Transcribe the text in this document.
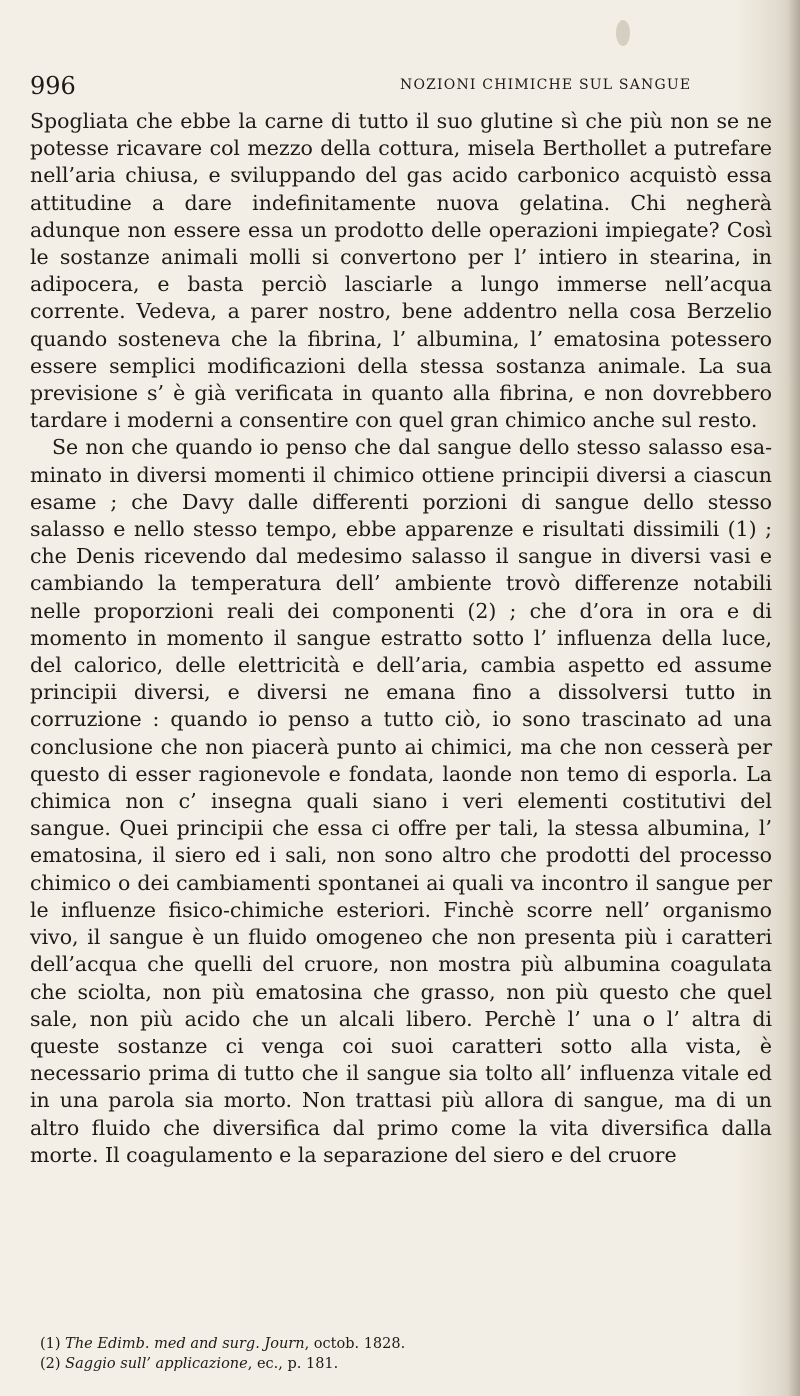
996	NOZIONI CHIMICHE SUL SANGUE

Spogliata che ebbe la carne di tutto il suo glutine sì che più non se ne potesse ricavare col mezzo della cottura, misela Berthollet a putrefare nell’aria chiusa, e sviluppando del gas acido carbonico acquistò essa attitudine a dare indefinitamente nuova gelatina. Chi negherà adunque non essere essa un prodotto delle operazioni impiegate? Così le sostanze animali molli si convertono per l’ intiero in stearina, in adipocera, e basta perciò lasciarle a lungo immerse nell’acqua corrente. Vedeva, a parer nostro, bene addentro nella cosa Berzelio quando sosteneva che la fibrina, l’ albumina, l’ ematosina potessero essere semplici modificazioni della stessa sostanza animale. La sua previsione s’ è già verificata in quanto alla fibrina, e non dovrebbero tardare i moderni a consentire con quel gran chimico anche sul resto.

Se non che quando io penso che dal sangue dello stesso salasso esaminato in diversi momenti il chimico ottiene principii diversi a ciascun esame ; che Davy dalle differenti porzioni di sangue dello stesso salasso e nello stesso tempo, ebbe apparenze e risultati dissimili (1) ; che Denis ricevendo dal medesimo salasso il sangue in diversi vasi e cambiando la temperatura dell’ ambiente trovò differenze notabili nelle proporzioni reali dei componenti (2) ; che d’ora in ora e di momento in momento il sangue estratto sotto l’ influenza della luce, del calorico, delle elettricità e dell’aria, cambia aspetto ed assume principii diversi, e diversi ne emana fino a dissolversi tutto in corruzione : quando io penso a tutto ciò, io sono trascinato ad una conclusione che non piacerà punto ai chimici, ma che non cesserà per questo di esser ragionevole e fondata, laonde non temo di esporla. La chimica non c’ insegna quali siano i veri elementi costitutivi del sangue. Quei principii che essa ci offre per tali, la stessa albumina, l’ ematosina, il siero ed i sali, non sono altro che prodotti del processo chimico o dei cambiamenti spontanei ai quali va incontro il sangue per le influenze fisico-chimiche esteriori. Finchè scorre nell’ organismo vivo, il sangue è un fluido omogeneo che non presenta più i caratteri dell’acqua che quelli del cruore, non mostra più albumina coagulata che sciolta, non più ematosina che grasso, non più questo che quel sale, non più acido che un alcali libero. Perchè l’ una o l’ altra di queste sostanze ci venga coi suoi caratteri sotto alla vista, è necessario prima di tutto che il sangue sia tolto all’ influenza vitale ed in una parola sia morto. Non trattasi più allora di sangue, ma di un altro fluido che diversifica dal primo come la vita diversifica dalla morte. Il coagulamento e la separazione del siero e del cruore

(1) The Edimb. med and surg. Journ, octob. 1828.
(2) Saggio sull’ applicazione, ec., p. 181.
